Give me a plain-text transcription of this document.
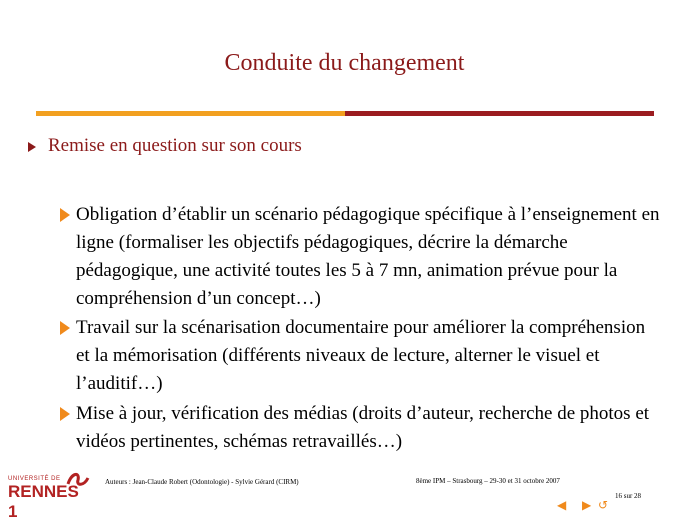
Conduite du changement
Remise en question sur son cours
Obligation d’établir un scénario pédagogique spécifique à l’enseignement en ligne (formaliser les objectifs pédagogiques, décrire la démarche pédagogique, une activité toutes les 5 à 7 mn, animation prévue pour la compréhension d’un concept…)
Travail sur la scénarisation documentaire pour améliorer la compréhension et la mémorisation (différents niveaux de lecture, alterner le visuel et l’auditif…)
Mise à jour, vérification des médias (droits d’auteur, recherche de photos et vidéos pertinentes, schémas retravaillés…)
UNIVERSITÉ DE
RENNES 1
Auteurs : Jean-Claude Robert (Odontologie) - Sylvie Gérard (CIRM)	8ème IPM – Strasbourg – 29-30 et 31 octobre 2007
16 sur 28
◀ ▶ ↺
